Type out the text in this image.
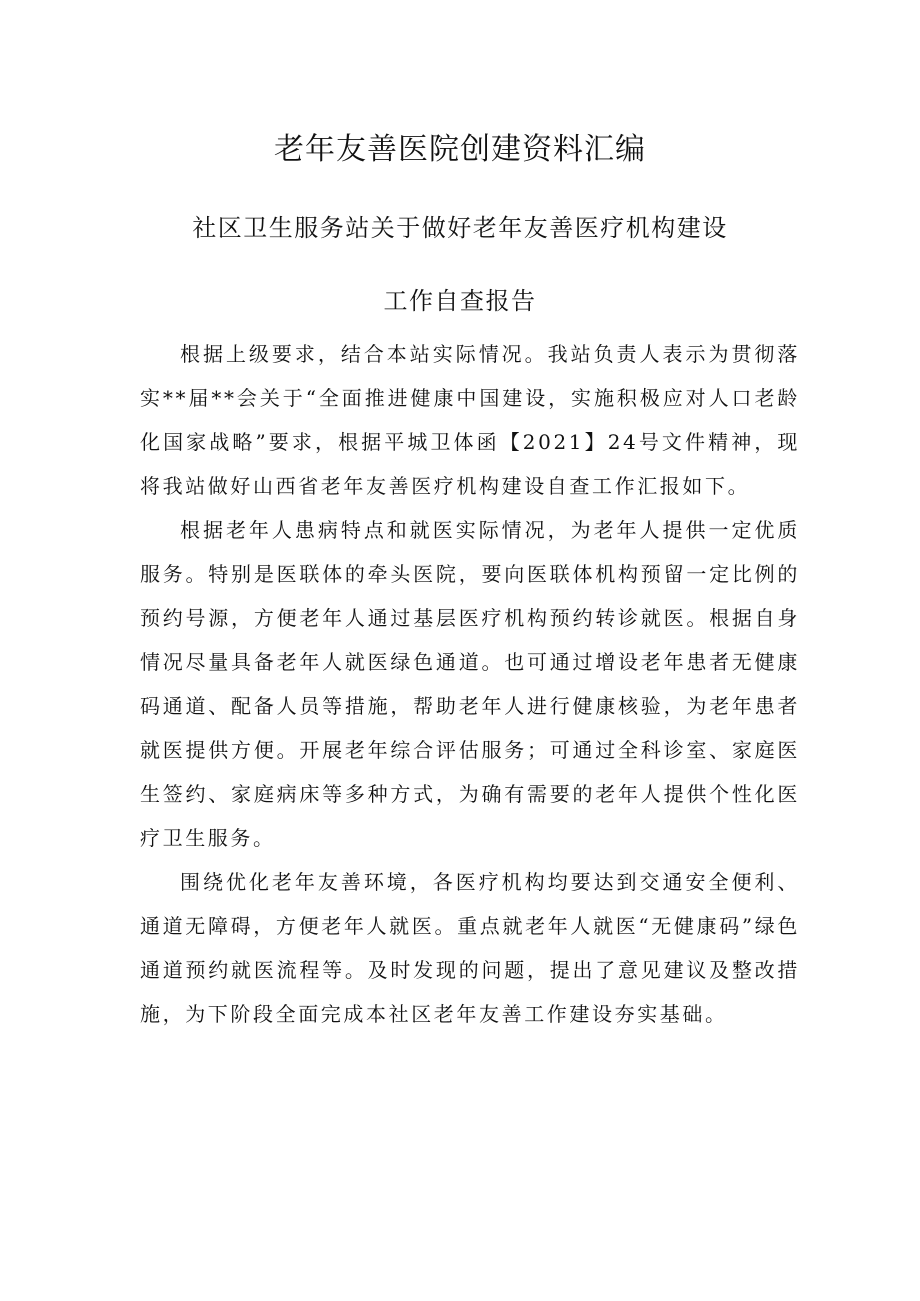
老年友善医院创建资料汇编
社区卫生服务站关于做好老年友善医疗机构建设
工作自查报告

根据上级要求，结合本站实际情况。我站负责人表示为贯彻落实**届**会关于“全面推进健康中国建设，实施积极应对人口老龄化国家战略”要求，根据平城卫体函【2021】24号文件精神，现将我站做好山西省老年友善医疗机构建设自查工作汇报如下。

根据老年人患病特点和就医实际情况，为老年人提供一定优质服务。特别是医联体的牵头医院，要向医联体机构预留一定比例的预约号源，方便老年人通过基层医疗机构预约转诊就医。根据自身情况尽量具备老年人就医绿色通道。也可通过增设老年患者无健康码通道、配备人员等措施，帮助老年人进行健康核验，为老年患者就医提供方便。开展老年综合评估服务；可通过全科诊室、家庭医生签约、家庭病床等多种方式，为确有需要的老年人提供个性化医疗卫生服务。

围绕优化老年友善环境，各医疗机构均要达到交通安全便利、通道无障碍，方便老年人就医。重点就老年人就医“无健康码”绿色通道预约就医流程等。及时发现的问题，提出了意见建议及整改措施，为下阶段全面完成本社区老年友善工作建设夯实基础。
